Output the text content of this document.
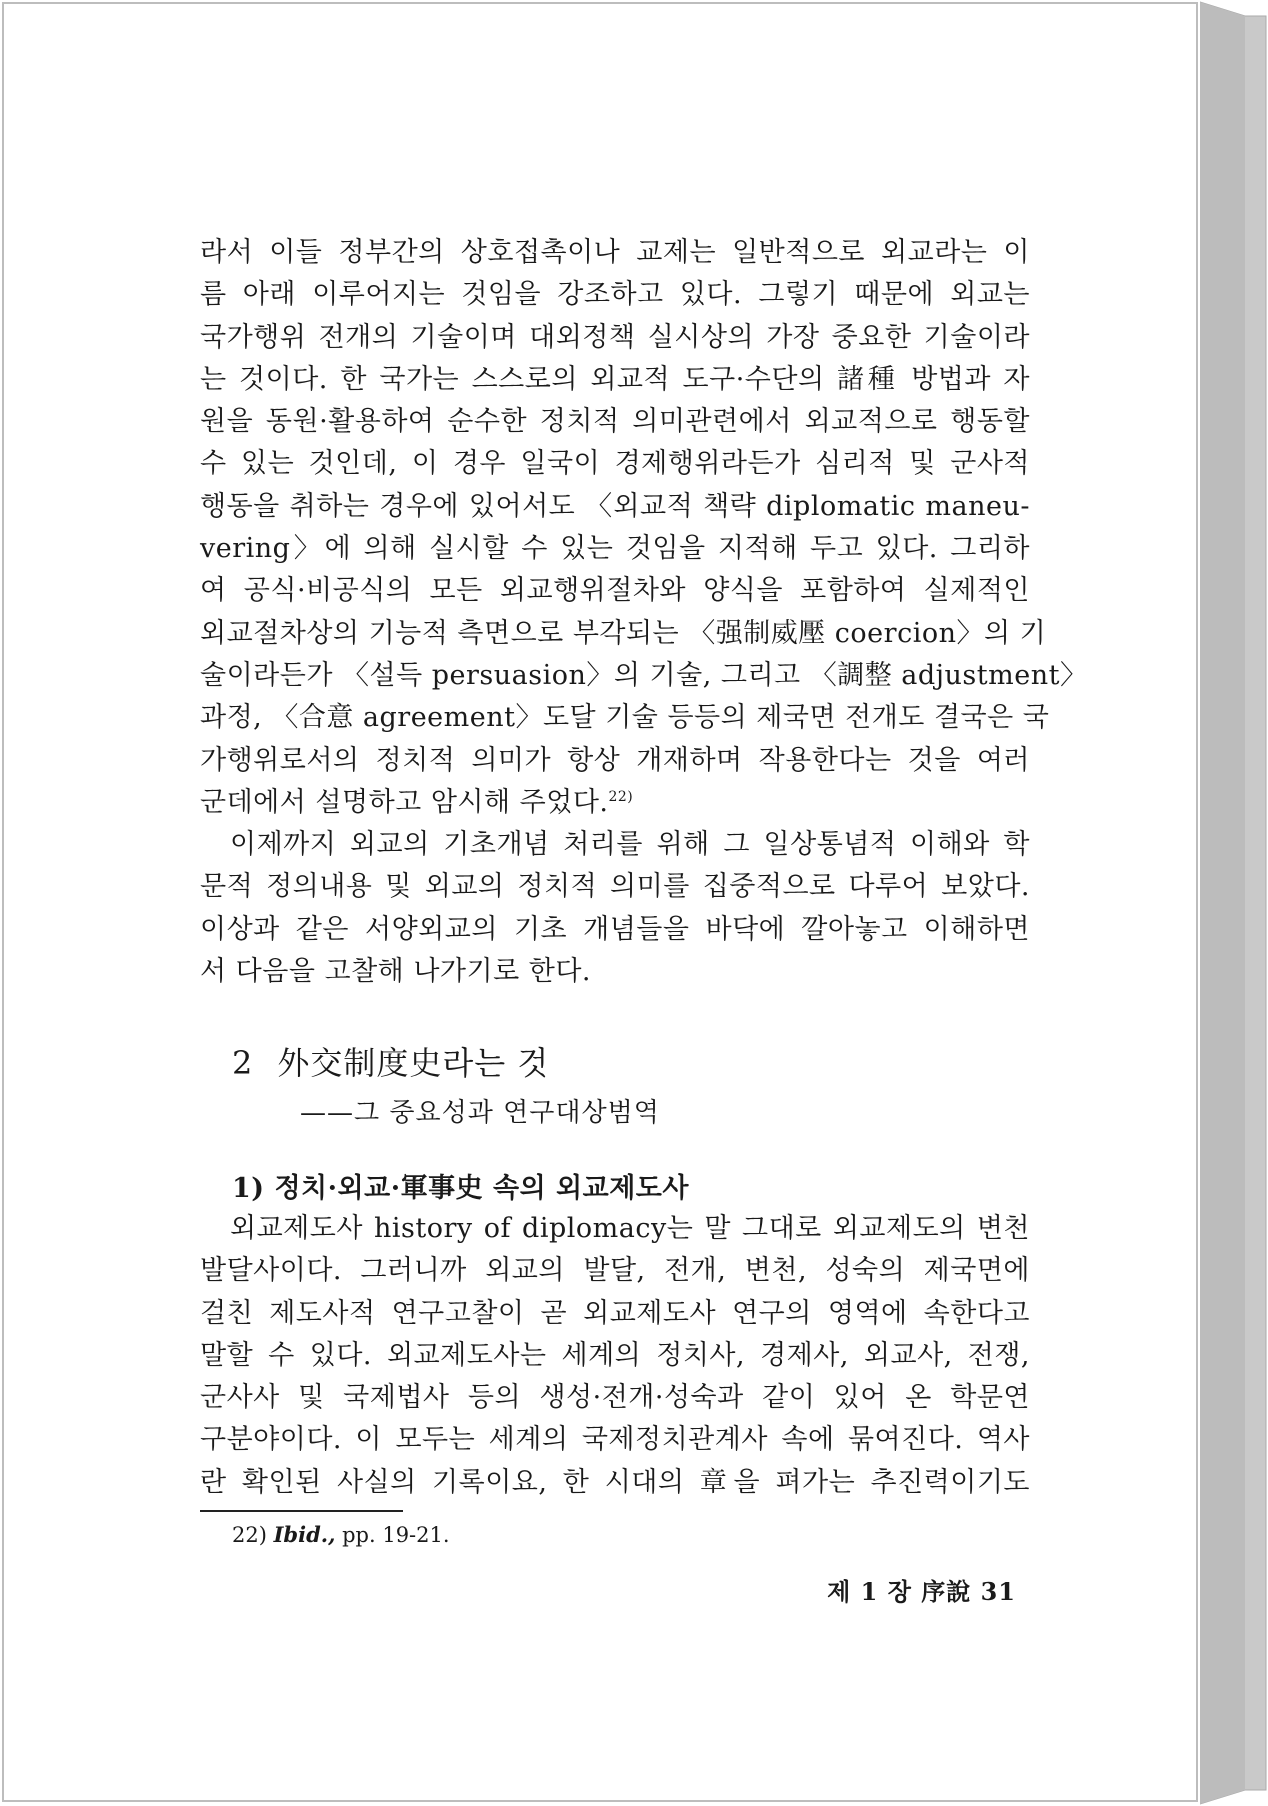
라서 이들 정부간의 상호접촉이나 교제는 일반적으로 외교라는 이
름 아래 이루어지는 것임을 강조하고 있다. 그렇기 때문에 외교는
국가행위 전개의 기술이며 대외정책 실시상의 가장 중요한 기술이라
는 것이다. 한 국가는 스스로의 외교적 도구·수단의 諸種 방법과 자
원을 동원·활용하여 순수한 정치적 의미관련에서 외교적으로 행동할
수 있는 것인데, 이 경우 일국이 경제행위라든가 심리적 및 군사적
행동을 취하는 경우에 있어서도 〈외교적 책략 diplomatic maneu-
vering〉에 의해 실시할 수 있는 것임을 지적해 두고 있다. 그리하
여 공식·비공식의 모든 외교행위절차와 양식을 포함하여 실제적인
외교절차상의 기능적 측면으로 부각되는 〈强制威壓 coercion〉의 기
술이라든가 〈설득 persuasion〉의 기술, 그리고 〈調整 adjustment〉
과정, 〈合意 agreement〉도달 기술 등등의 제국면 전개도 결국은 국
가행위로서의 정치적 의미가 항상 개재하며 작용한다는 것을 여러
군데에서 설명하고 암시해 주었다.$^{22)}$
이제까지 외교의 기초개념 처리를 위해 그 일상통념적 이해와 학
문적 정의내용 및 외교의 정치적 의미를 집중적으로 다루어 보았다.
이상과 같은 서양외교의 기초 개념들을 바닥에 깔아놓고 이해하면
서 다음을 고찰해 나가기로 한다.
2 外交制度史라는 것
——그 중요성과 연구대상범역
1) 정치·외교·軍事史 속의 외교제도사
외교제도사 history of diplomacy는 말 그대로 외교제도의 변천
발달사이다. 그러니까 외교의 발달, 전개, 변천, 성숙의 제국면에
걸친 제도사적 연구고찰이 곧 외교제도사 연구의 영역에 속한다고
말할 수 있다. 외교제도사는 세계의 정치사, 경제사, 외교사, 전쟁,
군사사 및 국제법사 등의 생성·전개·성숙과 같이 있어 온 학문연
구분야이다. 이 모두는 세계의 국제정치관계사 속에 묶여진다. 역사
란 확인된 사실의 기록이요, 한 시대의 章을 펴가는 추진력이기도
22) Ibid., pp. 19-21.
제 1 장 序說 31
